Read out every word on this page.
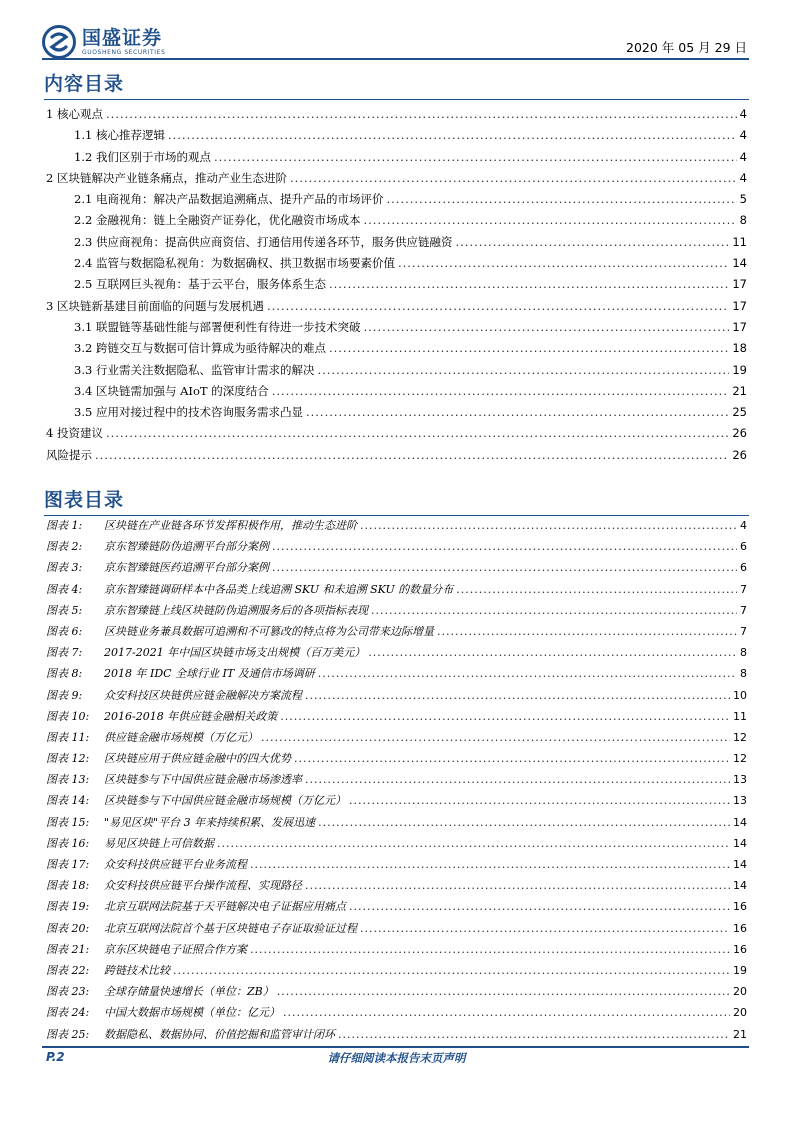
国盛证券
GUOSHENG SECURITIES	2020 年 05 月 29 日
内容目录
1 核心观点 .....	4
1.1 核心推荐逻辑 .....	4
1.2 我们区别于市场的观点 .....	4
2 区块链解决产业链条痛点，推动产业生态进阶 .....	4
2.1 电商视角：解决产品数据追溯痛点、提升产品的市场评价 .....	5
2.2 金融视角：链上全融资产证券化，优化融资市场成本 .....	8
2.3 供应商视角：提高供应商资信、打通信用传递各环节，服务供应链融资 .....	11
2.4 监管与数据隐私视角：为数据确权、拱卫数据市场要素价值 .....	14
2.5 互联网巨头视角：基于云平台，服务体系生态 .....	17
3 区块链新基建目前面临的问题与发展机遇 .....	17
3.1 联盟链等基础性能与部署便利性有待进一步技术突破 .....	17
3.2 跨链交互与数据可信计算成为亟待解决的难点 .....	18
3.3 行业需关注数据隐私、监管审计需求的解决 .....	19
3.4 区块链需加强与 AIoT 的深度结合 .....	21
3.5 应用对接过程中的技术咨询服务需求凸显 .....	25
4 投资建议 .....	26
风险提示 .....	26
图表目录
图表 1:	区块链在产业链各环节发挥积极作用，推动生态进阶 .....	4
图表 2:	京东智臻链防伪追溯平台部分案例 .....	6
图表 3:	京东智臻链医药追溯平台部分案例 .....	6
图表 4:	京东智臻链调研样本中各品类上线追溯 SKU 和未追溯 SKU 的数量分布 .....	7
图表 5:	京东智臻链上线区块链防伪追溯服务后的各项指标表现 .....	7
图表 6:	区块链业务兼具数据可追溯和不可篡改的特点将为公司带来边际增量 .....	7
图表 7:	2017-2021 年中国区块链市场支出规模（百万美元） .....	8
图表 8:	2018 年 IDC 全球行业 IT 及通信市场调研 .....	8
图表 9:	众安科技区块链供应链金融解决方案流程 .....	10
图表 10:	2016-2018 年供应链金融相关政策 .....	11
图表 11:	供应链金融市场规模（万亿元） .....	12
图表 12:	区块链应用于供应链金融中的四大优势 .....	12
图表 13:	区块链参与下中国供应链金融市场渗透率 .....	13
图表 14:	区块链参与下中国供应链金融市场规模（万亿元） .....	13
图表 15:	"易见区块"平台 3 年来持续积累、发展迅速 .....	14
图表 16:	易见区块链上可信数据 .....	14
图表 17:	众安科技供应链平台业务流程 .....	14
图表 18:	众安科技供应链平台操作流程、实现路径 .....	14
图表 19:	北京互联网法院基于天平链解决电子证据应用痛点 .....	16
图表 20:	北京互联网法院首个基于区块链电子存证取验证过程 .....	16
图表 21:	京东区块链电子证照合作方案 .....	16
图表 22:	跨链技术比较 .....	19
图表 23:	全球存储量快速增长（单位：ZB） .....	20
图表 24:	中国大数据市场规模（单位：亿元） .....	20
图表 25:	数据隐私、数据协同、价值挖掘和监管审计闭环 .....	21
P.2	请仔细阅读本报告末页声明
